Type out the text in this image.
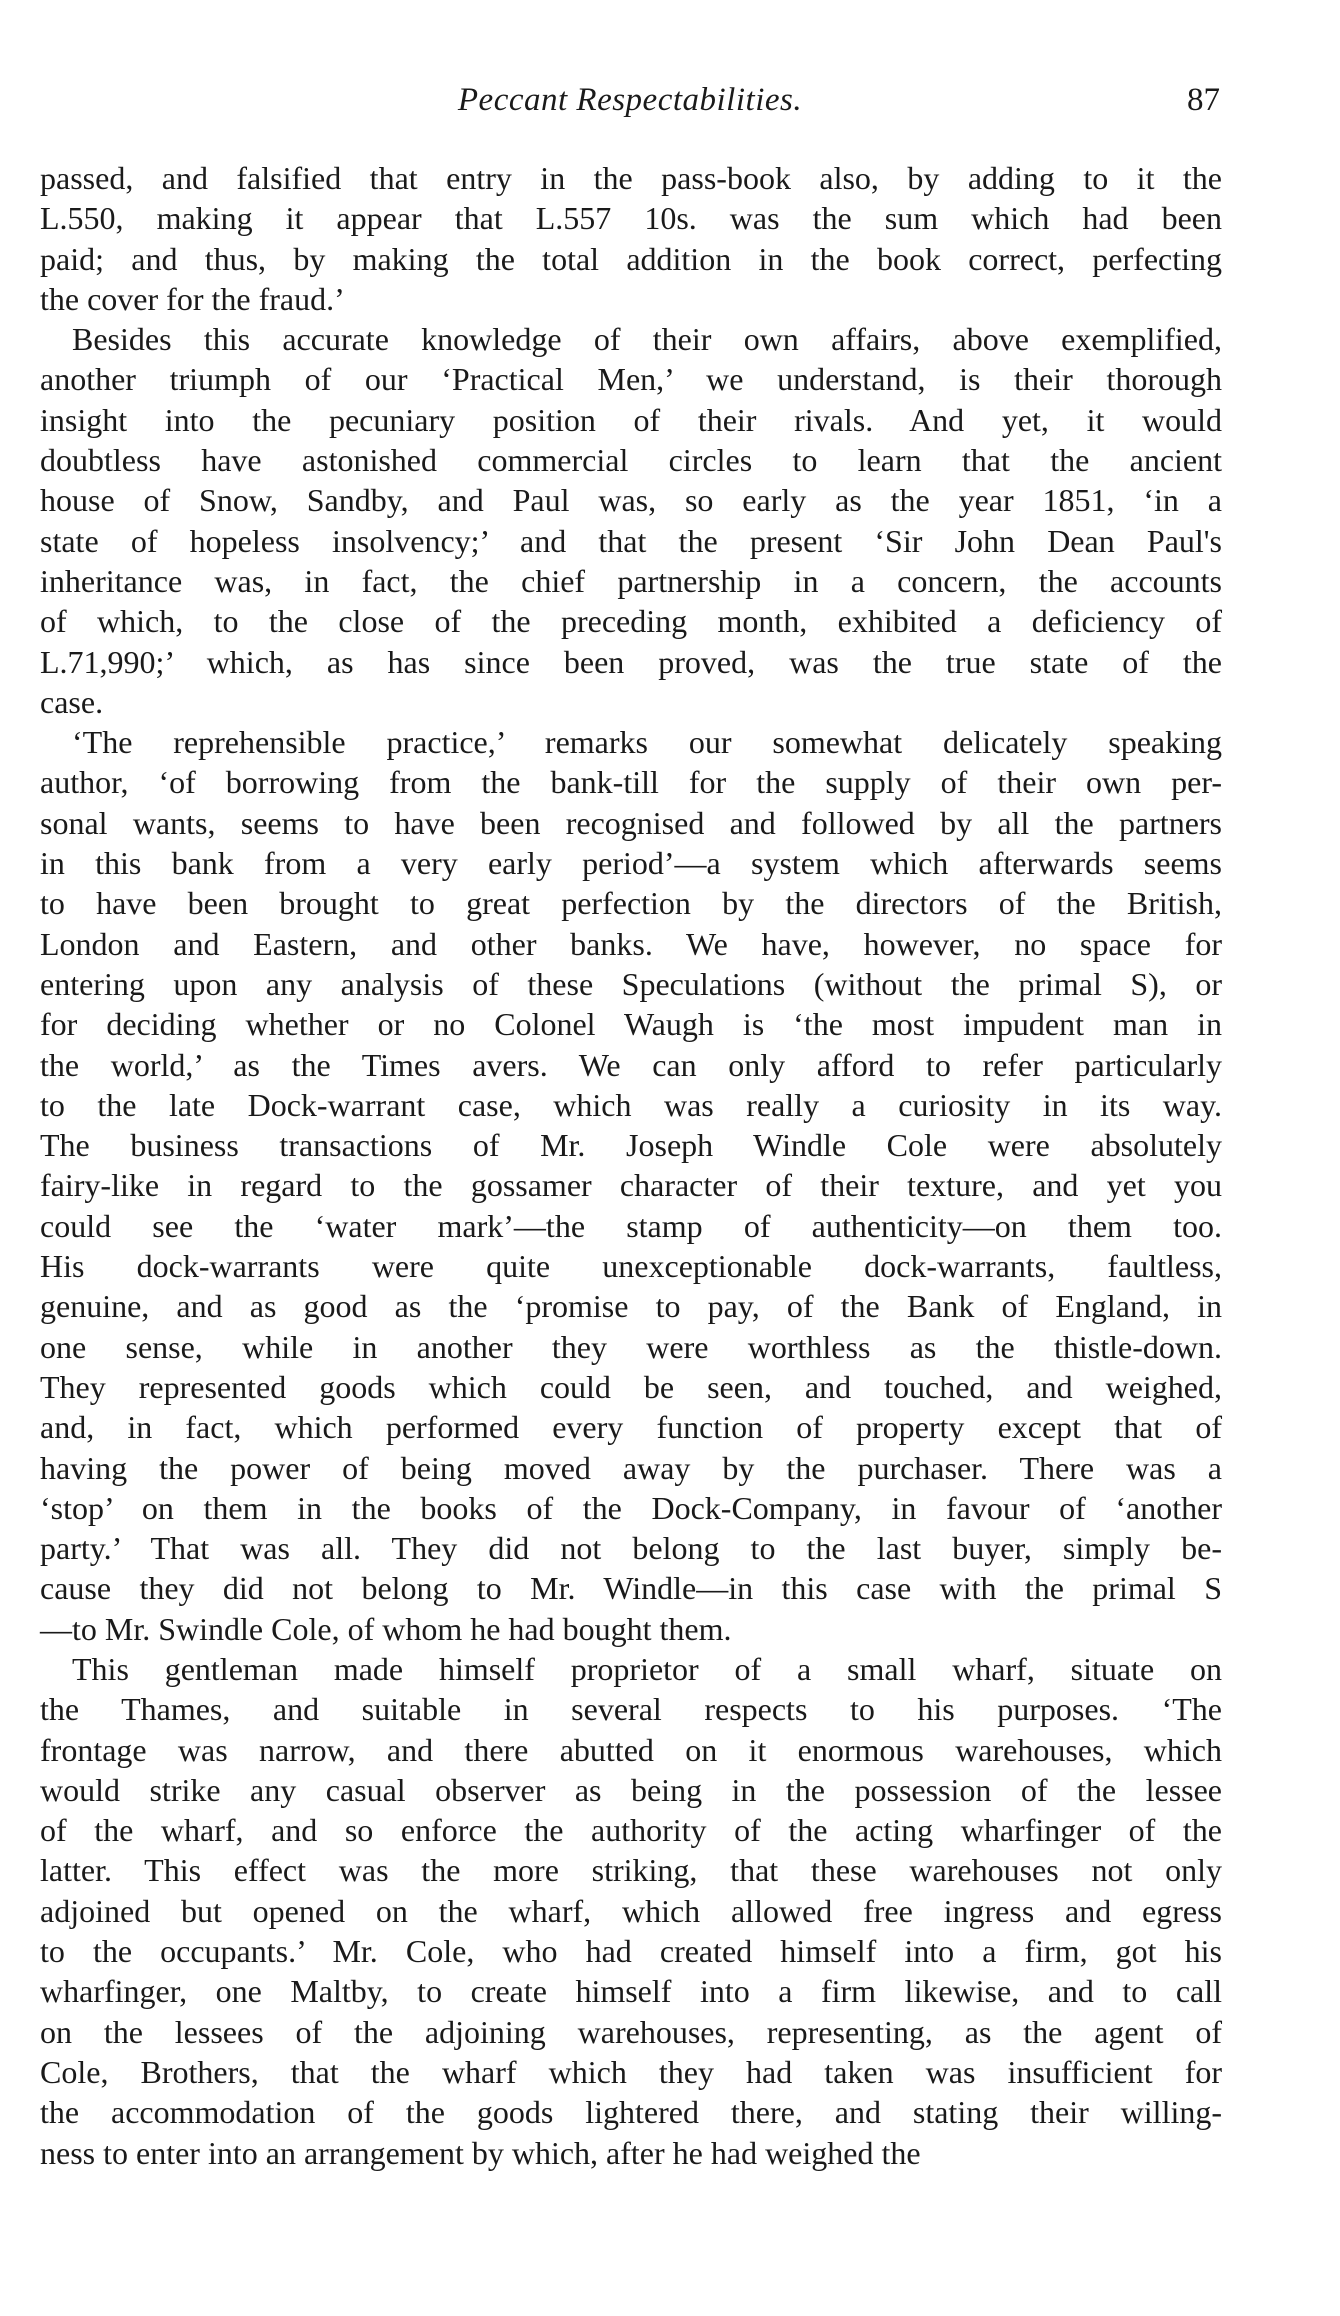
Peccant Respectabilities.	87
passed, and falsified that entry in the pass-book also, by adding to it the
L.550, making it appear that L.557 10s. was the sum which had been
paid; and thus, by making the total addition in the book correct, perfecting
the cover for the fraud.’
Besides this accurate knowledge of their own affairs, above exemplified,
another triumph of our ‘Practical Men,’ we understand, is their thorough
insight into the pecuniary position of their rivals. And yet, it would
doubtless have astonished commercial circles to learn that the ancient
house of Snow, Sandby, and Paul was, so early as the year 1851, ‘in a
state of hopeless insolvency;’ and that the present ‘Sir John Dean Paul's
inheritance was, in fact, the chief partnership in a concern, the accounts
of which, to the close of the preceding month, exhibited a deficiency of
L.71,990;’ which, as has since been proved, was the true state of the
case.
‘The reprehensible practice,’ remarks our somewhat delicately speaking
author, ‘of borrowing from the bank-till for the supply of their own per-
sonal wants, seems to have been recognised and followed by all the partners
in this bank from a very early period’—a system which afterwards seems
to have been brought to great perfection by the directors of the British,
London and Eastern, and other banks. We have, however, no space for
entering upon any analysis of these Speculations (without the primal S), or
for deciding whether or no Colonel Waugh is ‘the most impudent man in
the world,’ as the Times avers. We can only afford to refer particularly
to the late Dock-warrant case, which was really a curiosity in its way.
The business transactions of Mr. Joseph Windle Cole were absolutely
fairy-like in regard to the gossamer character of their texture, and yet you
could see the ‘water mark’—the stamp of authenticity—on them too.
His dock-warrants were quite unexceptionable dock-warrants, faultless,
genuine, and as good as the ‘promise to pay, of the Bank of England, in
one sense, while in another they were worthless as the thistle-down.
They represented goods which could be seen, and touched, and weighed,
and, in fact, which performed every function of property except that of
having the power of being moved away by the purchaser. There was a
‘stop’ on them in the books of the Dock-Company, in favour of ‘another
party.’ That was all. They did not belong to the last buyer, simply be-
cause they did not belong to Mr. Windle—in this case with the primal S
—to Mr. Swindle Cole, of whom he had bought them.
This gentleman made himself proprietor of a small wharf, situate on
the Thames, and suitable in several respects to his purposes. ‘The
frontage was narrow, and there abutted on it enormous warehouses, which
would strike any casual observer as being in the possession of the lessee
of the wharf, and so enforce the authority of the acting wharfinger of the
latter. This effect was the more striking, that these warehouses not only
adjoined but opened on the wharf, which allowed free ingress and egress
to the occupants.’ Mr. Cole, who had created himself into a firm, got his
wharfinger, one Maltby, to create himself into a firm likewise, and to call
on the lessees of the adjoining warehouses, representing, as the agent of
Cole, Brothers, that the wharf which they had taken was insufficient for
the accommodation of the goods lightered there, and stating their willing-
ness to enter into an arrangement by which, after he had weighed the
